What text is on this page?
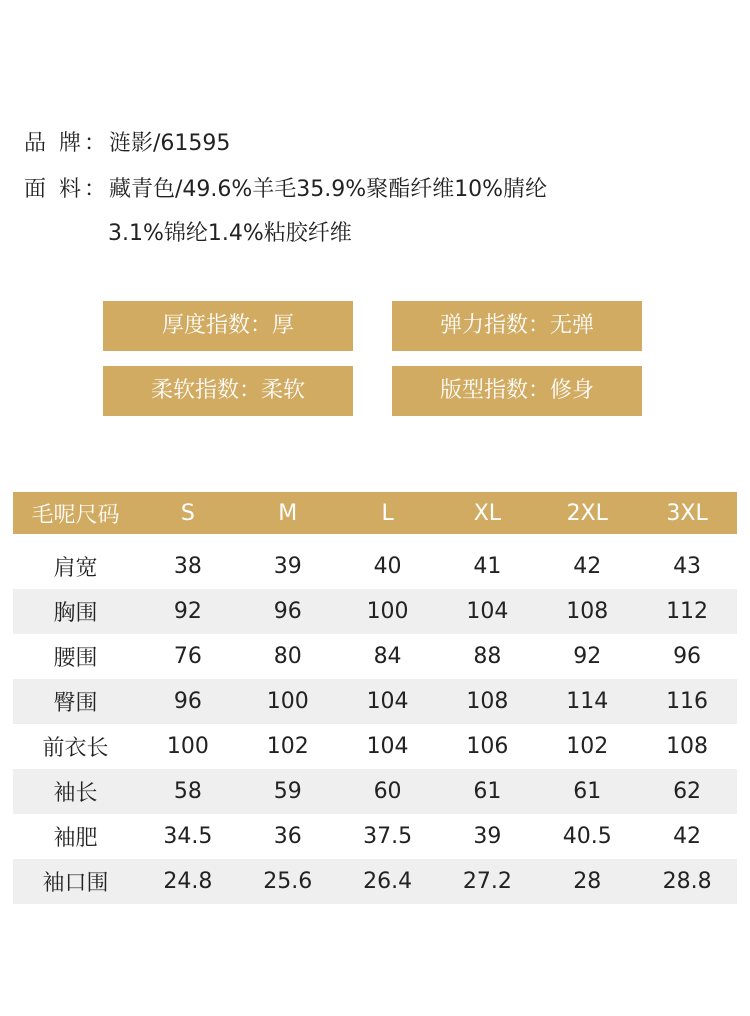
品 牌：涟影/61595
面 料：藏青色/49.6%羊毛35.9%聚酯纤维10%腈纶
3.1%锦纶1.4%粘胶纤维
厚度指数：厚	弹力指数：无弹
柔软指数：柔软	版型指数：修身
毛呢尺码	S	M	L	XL	2XL	3XL

肩宽	38	39	40	41	42	43
胸围	92	96	100	104	108	112
腰围	76	80	84	88	92	96
臀围	96	100	104	108	114	116
前衣长	100	102	104	106	102	108
袖长	58	59	60	61	61	62
袖肥	34.5	36	37.5	39	40.5	42
袖口围	24.8	25.6	26.4	27.2	28	28.8
